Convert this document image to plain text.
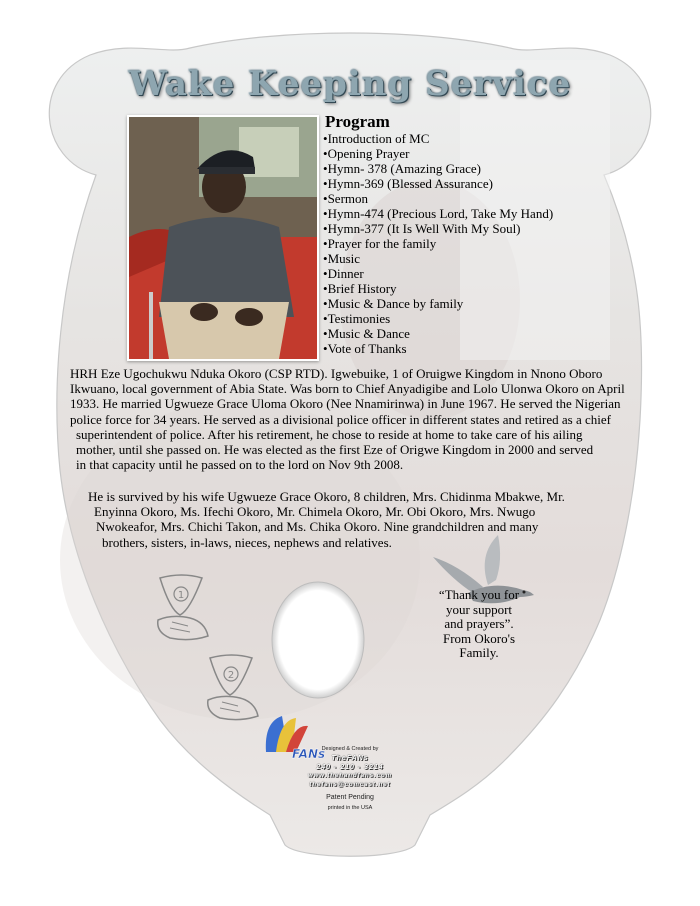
Wake Keeping Service
Program
• Introduction of MC
• Opening Prayer
• Hymn- 378 (Amazing Grace)
• Hymn-369 (Blessed Assurance)
• Sermon
• Hymn-474 (Precious Lord, Take My Hand)
• Hymn-377 (It Is Well With My Soul)
• Prayer for the family
• Music
• Dinner
• Brief History
• Music & Dance by family
• Testimonies
• Music & Dance
• Vote of Thanks
HRH Eze Ugochukwu Nduka Okoro (CSP RTD). Igwebuike, 1 of Oruigwe Kingdom in Nnono Oboro
Ikwuano, local government of Abia State. Was born to Chief Anyadigibe and Lolo Ulonwa Okoro on April
1933. He married Ugwueze Grace Uloma Okoro (Nee Nnamirinwa) in June 1967. He served the Nigerian
police force for 34 years. He served as a divisional police officer in different states and retired as a chief
superintendent of police. After his retirement, he chose to reside at home to take care of his ailing
mother, until she passed on. He was elected as the first Eze of Origwe Kingdom in 2000 and served
in that capacity until he passed on to the lord on Nov 9th 2008.
He is survived by his wife Ugwueze Grace Okoro, 8 children, Mrs. Chidinma Mbakwe, Mr.
Enyinna Okoro, Ms. Ifechi Okoro, Mr. Chimela Okoro, Mr. Obi Okoro, Mrs. Nwugo
Nwokeafor, Mrs. Chichi Takon, and Ms. Chika Okoro. Nine grandchildren and many
brothers, sisters, in-laws, nieces, nephews and relatives.
“Thank you for
your support
and prayers”.
From Okoro's
Family.
1
2
FANs
Designed & Created by
TheFANs
240 - 210 - 3214
www.thehandfans.com
thefans@comcast.net
Patent Pending
printed in the USA
